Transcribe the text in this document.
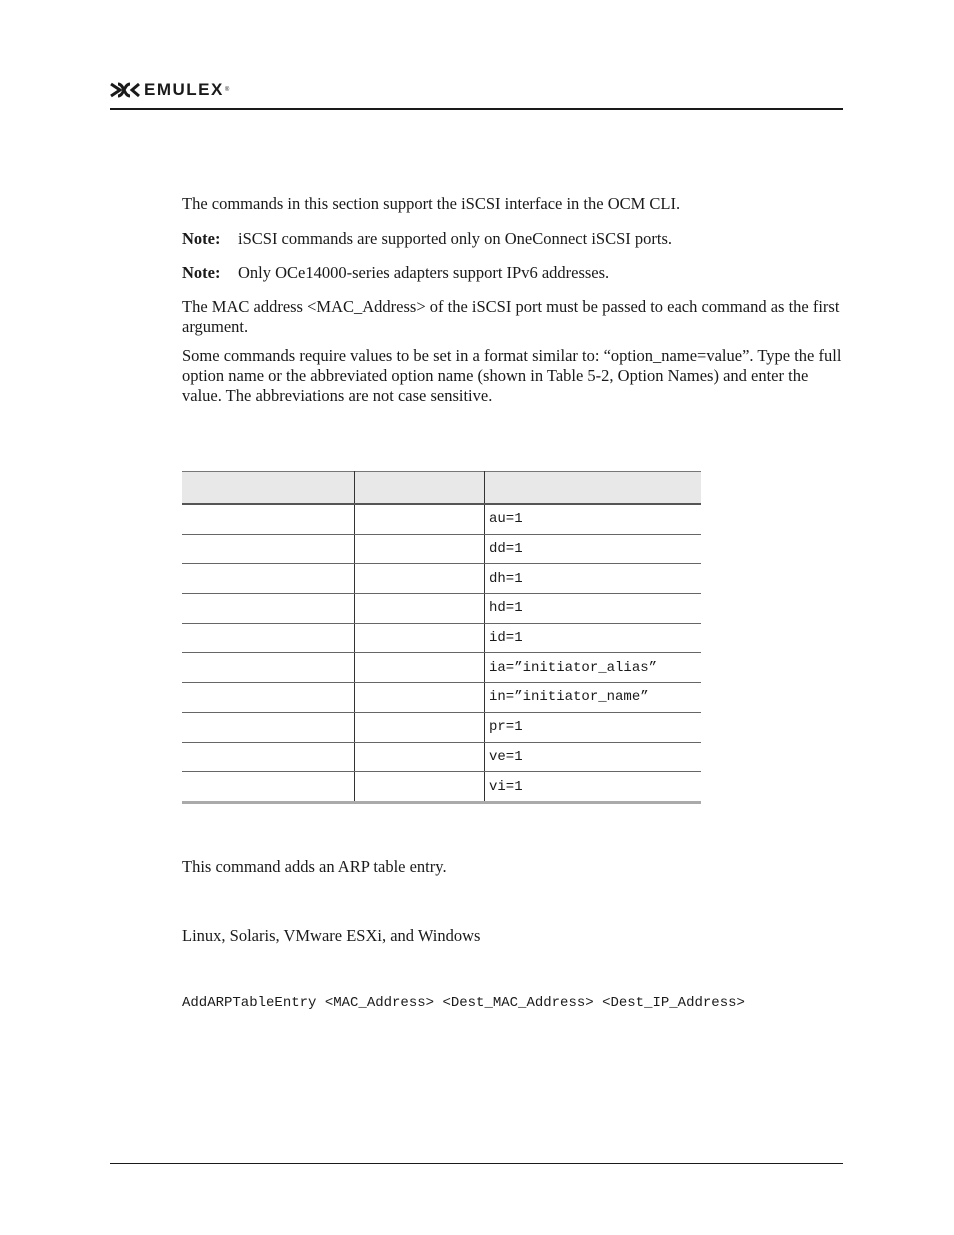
EMULEX ®

The commands in this section support the iSCSI interface in the OCM CLI.

Note: iSCSI commands are supported only on OneConnect iSCSI ports.

Note: Only OCe14000-series adapters support IPv6 addresses.

The MAC address <MAC_Address> of the iSCSI port must be passed to each command as the first argument.

Some commands require values to be set in a format similar to: “option_name=value”. Type the full option name or the abbreviated option name (shown in Table 5-2, Option Names) and enter the value. The abbreviations are not case sensitive.

		au=1
		dd=1
		dh=1
		hd=1
		id=1
		ia=”initiator_alias”
		in=”initiator_name”
		pr=1
		ve=1
		vi=1

This command adds an ARP table entry.

Linux, Solaris, VMware ESXi, and Windows

AddARPTableEntry <MAC_Address> <Dest_MAC_Address> <Dest_IP_Address>
